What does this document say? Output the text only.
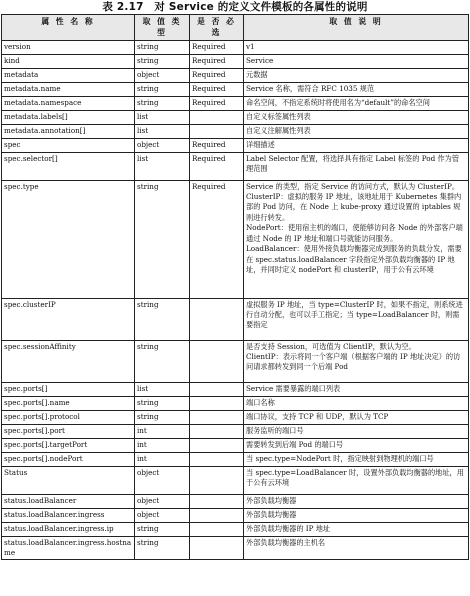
表 2.17　对 Service 的定义文件模板的各属性的说明
属 性 名 称	取 值 类 型	是 否 必 选	取 值 说 明
version	string	Required	v1

kind	string	Required	Service

metadata	object	Required	元数据

metadata.name	string	Required	Service 名称，需符合 RFC 1035 规范

metadata.namespace	string	Required	命名空间，不指定系统时将使用名为“default”的命名空间

metadata.labels[]	list		自定义标签属性列表

metadata.annotation[]	list		自定义注解属性列表

spec	object	Required	详细描述

spec.selector[]	list	Required	Label Selector 配置，将选择具有指定 Label 标签的 Pod 作为管理范围

spec.type	string	Required	Service 的类型，指定 Service 的访问方式，默认为 ClusterIP。
ClusterIP：虚拟的服务 IP 地址，该地址用于 Kubernetes 集群内部的 Pod 访问，在 Node 上 kube-proxy 通过设置的 iptables 规则进行转发。
NodePort：使用宿主机的端口，使能够访问各 Node 的外部客户端通过 Node 的 IP 地址和端口号就能访问服务。
LoadBalancer：使用外接负载均衡器完成到服务的负载分发，需要在 spec.status.loadBalancer 字段指定外部负载均衡器的 IP 地址，并同时定义 nodePort 和 clusterIP，用于公有云环境

spec.clusterIP	string		虚拟服务 IP 地址，当 type=ClusterIP 时，如果不指定，则系统进行自动分配，也可以手工指定；当 type=LoadBalancer 时，则需要指定

spec.sessionAffinity	string		是否支持 Session，可选值为 ClientIP，默认为空。
ClientIP：表示将同一个客户端（根据客户端的 IP 地址决定）的访问请求都转发到同一个后端 Pod

spec.ports[]	list		Service 需要暴露的端口列表

spec.ports[].name	string		端口名称

spec.ports[].protocol	string		端口协议，支持 TCP 和 UDP，默认为 TCP

spec.ports[].port	int		服务监听的端口号

spec.ports[].targetPort	int		需要转发到后端 Pod 的端口号

spec.ports[].nodePort	int		当 spec.type=NodePort 时，指定映射到物理机的端口号

Status	object		当 spec.type=LoadBalancer 时，设置外部负载均衡器的地址，用于公有云环境

status.loadBalancer	object		外部负载均衡器

status.loadBalancer.ingress	object		外部负载均衡器

status.loadBalancer.ingress.ip	string		外部负载均衡器的 IP 地址

status.loadBalancer.ingress.hostname	string		外部负载均衡器的主机名
